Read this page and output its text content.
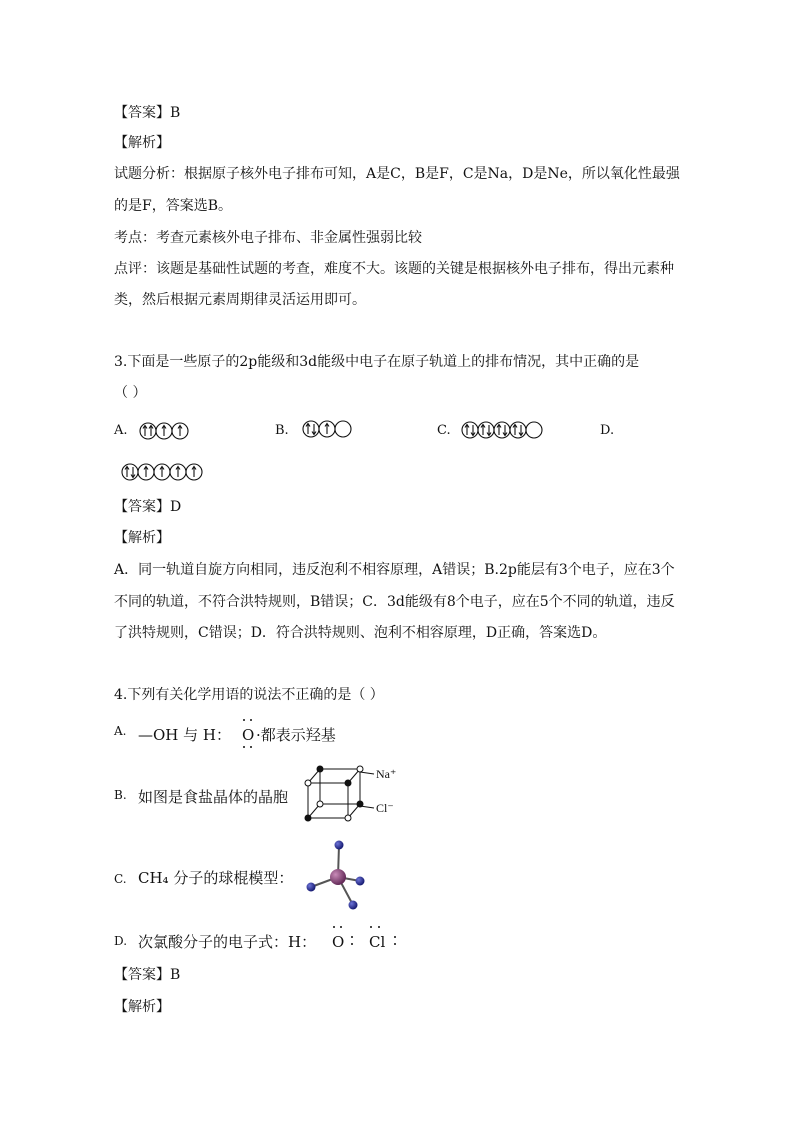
【答案】B
【解析】
试题分析：根据原子核外电子排布可知，A是C，B是F，C是Na，D是Ne，所以氧化性最强
的是F，答案选B。
考点：考查元素核外电子排布、非金属性强弱比较
点评：该题是基础性试题的考查，难度不大。该题的关键是根据核外电子排布，得出元素种
类，然后根据元素周期律灵活运用即可。
3.下面是一些原子的2p能级和3d能级中电子在原子轨道上的排布情况，其中正确的是
（ ）
A.	B.	C.	D.
【答案】D
【解析】
A．同一轨道自旋方向相同，违反泡利不相容原理，A错误；B.2p能层有3个电子，应在3个
不同的轨道，不符合洪特规则，B错误；C．3d能级有8个电子，应在5个不同的轨道，违反
了洪特规则，C错误；D．符合洪特规则、泡利不相容原理，D正确，答案选D。
4.下列有关化学用语的说法不正确的是（ ）
A. —OH 与 H： O ·都表示羟基
B. 如图是食盐晶体的晶胞
Na⁺
Cl⁻
C. CH₄ 分子的球棍模型：
D. 次氯酸分子的电子式：H： O Cl
【答案】B
【解析】
